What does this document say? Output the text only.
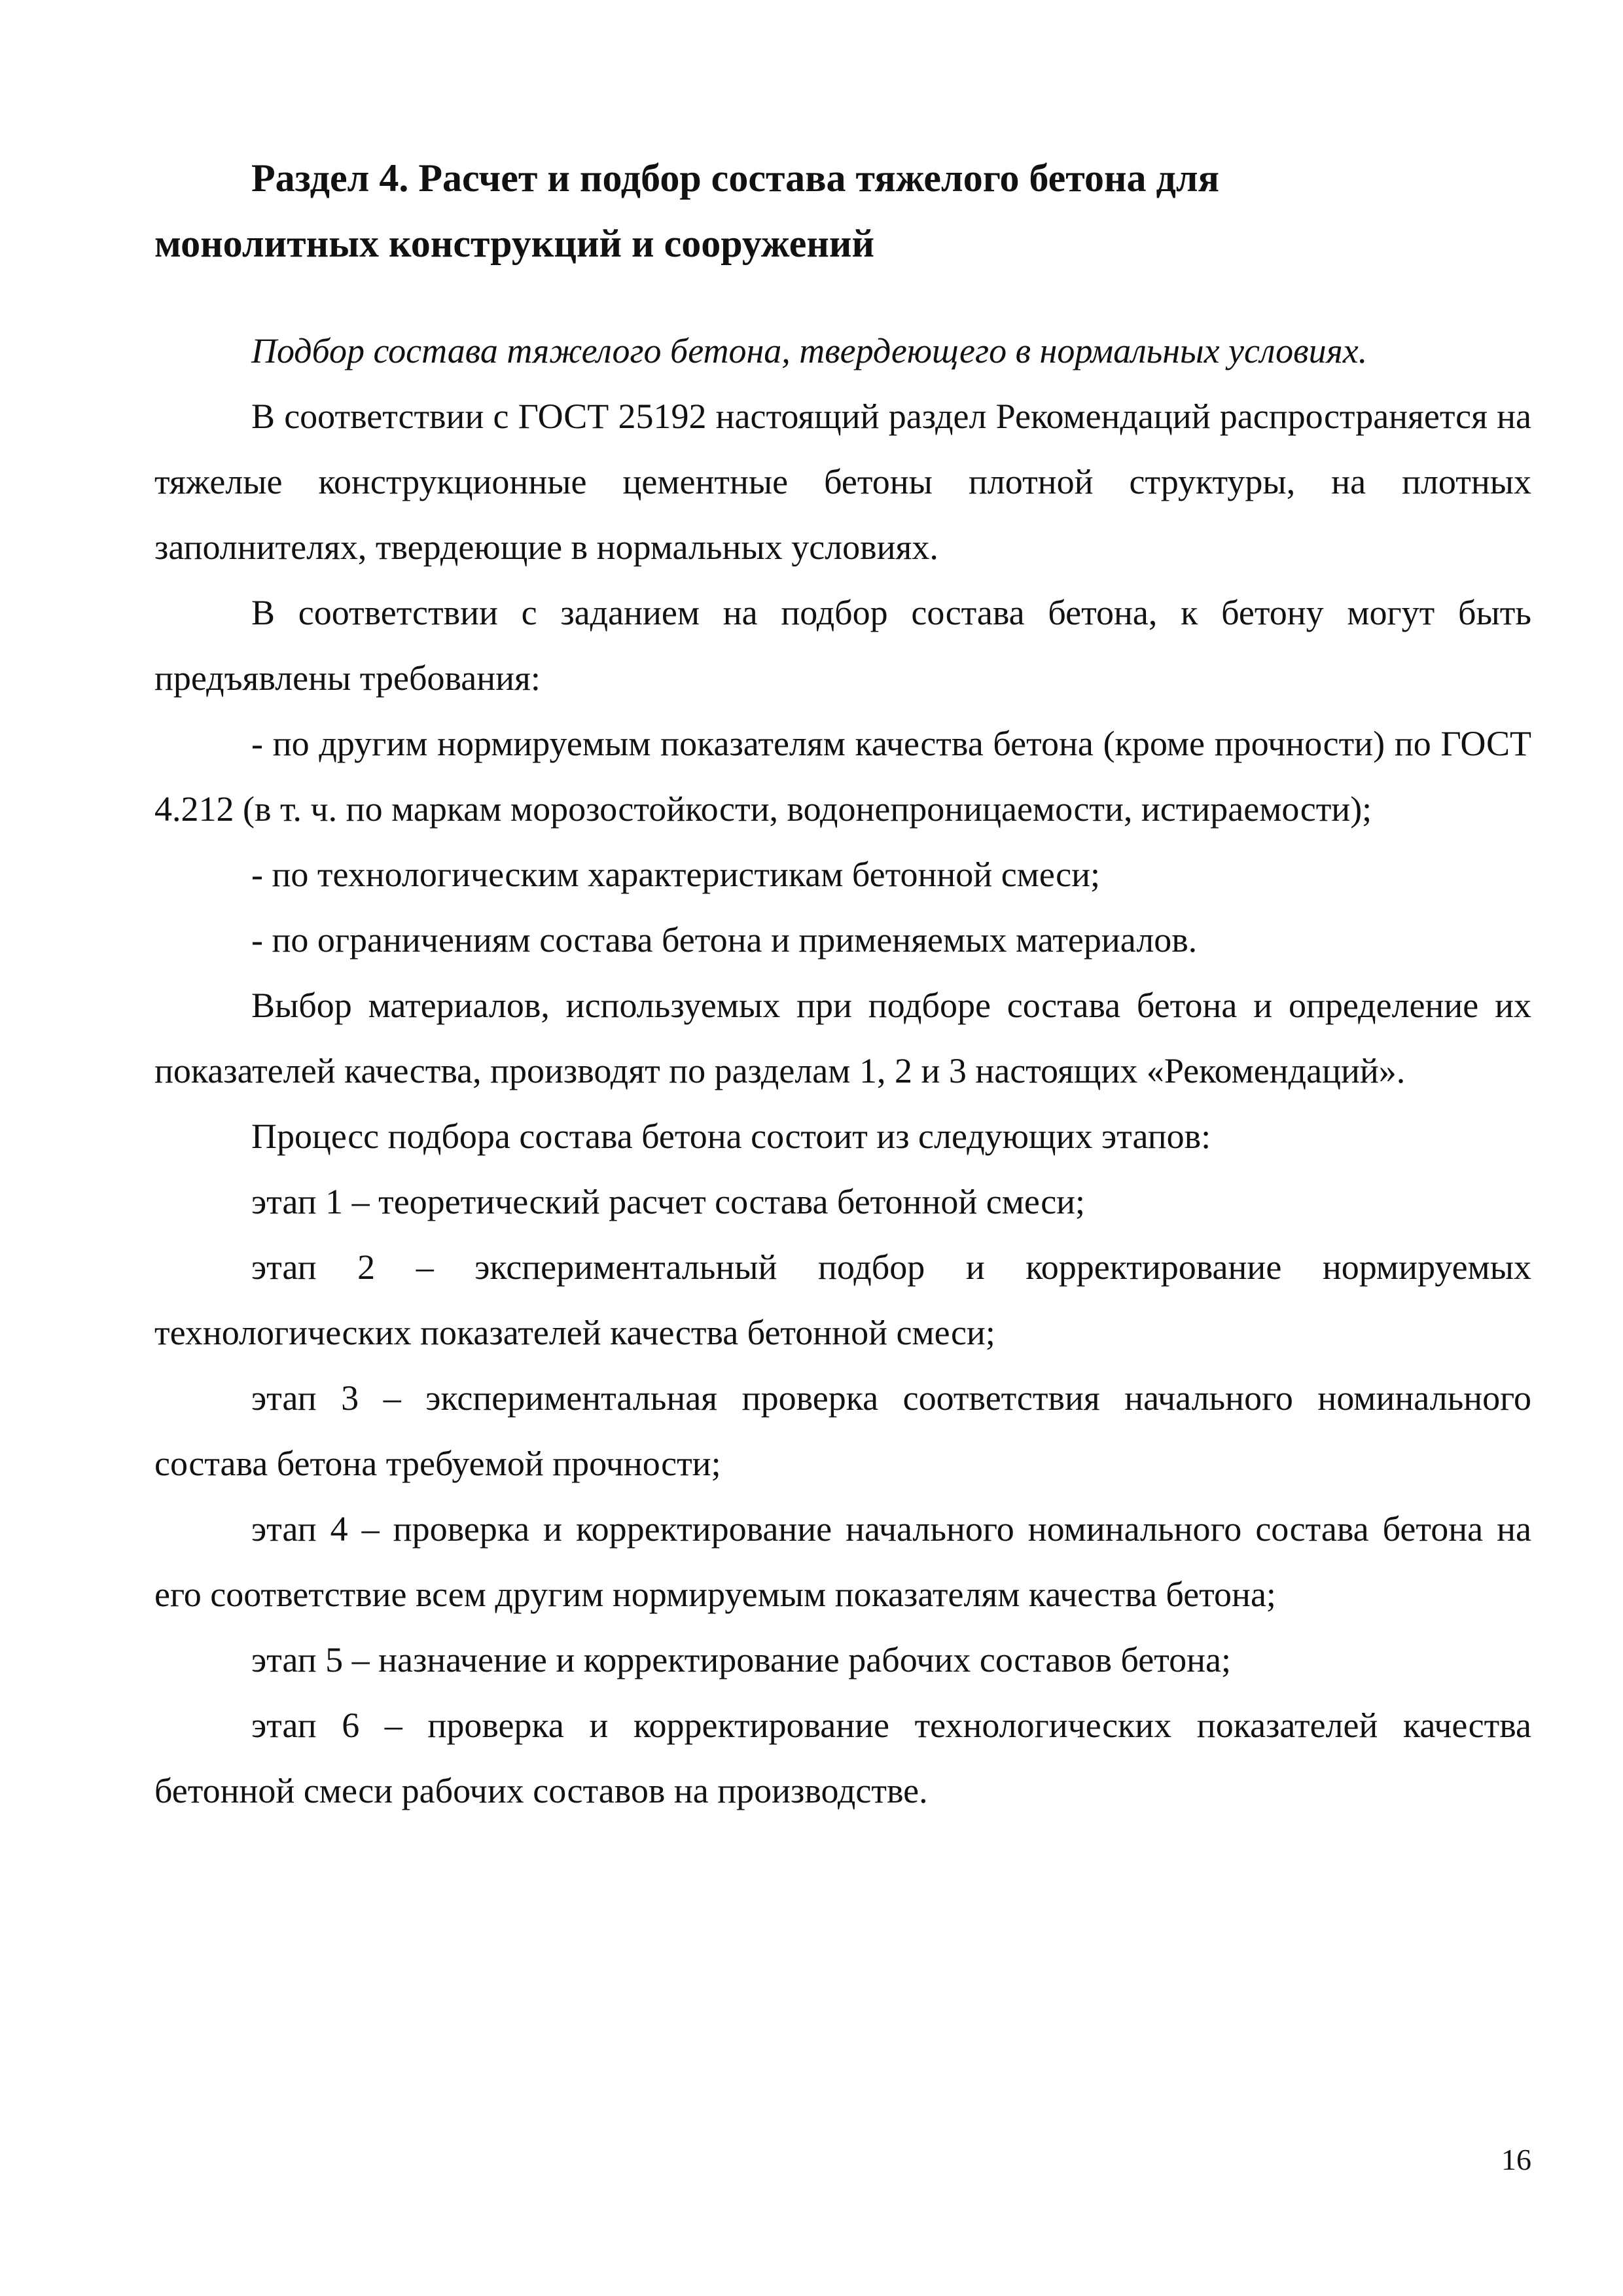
Раздел 4. Расчет и подбор состава тяжелого бетона для
монолитных конструкций и сооружений

Подбор состава тяжелого бетона, твердеющего в нормальных условиях.

В соответствии с ГОСТ 25192 настоящий раздел Рекомендаций распространяется на тяжелые конструкционные цементные бетоны плотной структуры, на плотных заполнителях, твердеющие в нормальных условиях.

В соответствии с заданием на подбор состава бетона, к бетону могут быть предъявлены требования:

- по другим нормируемым показателям качества бетона (кроме прочности) по ГОСТ 4.212 (в т. ч. по маркам морозостойкости, водонепроницаемости, истираемости);

- по технологическим характеристикам бетонной смеси;

- по ограничениям состава бетона и применяемых материалов.

Выбор материалов, используемых при подборе состава бетона и определение их показателей качества, производят по разделам 1, 2 и 3 настоящих «Рекомендаций».

Процесс подбора состава бетона состоит из следующих этапов:

этап 1 – теоретический расчет состава бетонной смеси;

этап 2 – экспериментальный подбор и корректирование нормируемых технологических показателей качества бетонной смеси;

этап 3 – экспериментальная проверка соответствия начального номинального состава бетона требуемой прочности;

этап 4 – проверка и корректирование начального номинального состава бетона на его соответствие всем другим нормируемым показателям качества бетона;

этап 5 – назначение и корректирование рабочих составов бетона;

этап 6 – проверка и корректирование технологических показателей качества бетонной смеси рабочих составов на производстве.

16
